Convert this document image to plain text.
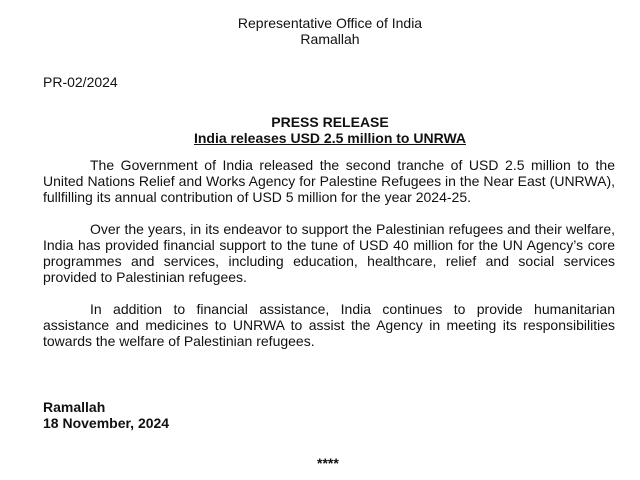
Representative Office of India
Ramallah
PR-02/2024
PRESS RELEASE
India releases USD 2.5 million to UNRWA

The Government of India released the second tranche of USD 2.5 million to the United Nations Relief and Works Agency for Palestine Refugees in the Near East (UNRWA), fullfilling its annual contribution of USD 5 million for the year 2024-25.

Over the years, in its endeavor to support the Palestinian refugees and their welfare, India has provided financial support to the tune of USD 40 million for the UN Agency’s core programmes and services, including education, healthcare, relief and social services provided to Palestinian refugees.

In addition to financial assistance, India continues to provide humanitarian assistance and medicines to UNRWA to assist the Agency in meeting its responsibilities towards the welfare of Palestinian refugees.

Ramallah
18 November, 2024
****
